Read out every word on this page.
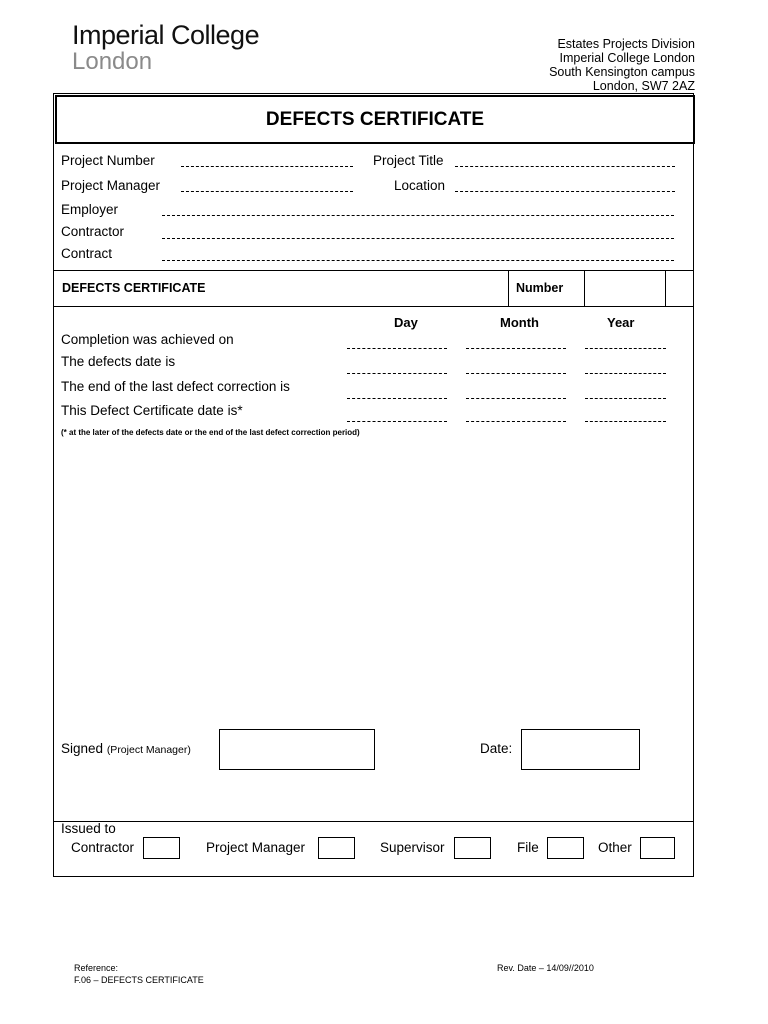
Imperial College
London
Estates Projects Division
Imperial College London
South Kensington campus
London, SW7 2AZ
DEFECTS CERTIFICATE
Project Number	Project Title
Project Manager	Location
Employer
Contractor
Contract
DEFECTS CERTIFICATE	Number
Day	Month	Year
Completion was achieved on
The defects date is
The end of the last defect correction is
This Defect Certificate date is*
(* at the later of the defects date or the end of the last defect correction period)
Signed (Project Manager)	Date:
Issued to
Contractor	Project Manager	Supervisor	File	Other
Reference:
F.06 – DEFECTS CERTIFICATE
Rev. Date – 14/09//2010
